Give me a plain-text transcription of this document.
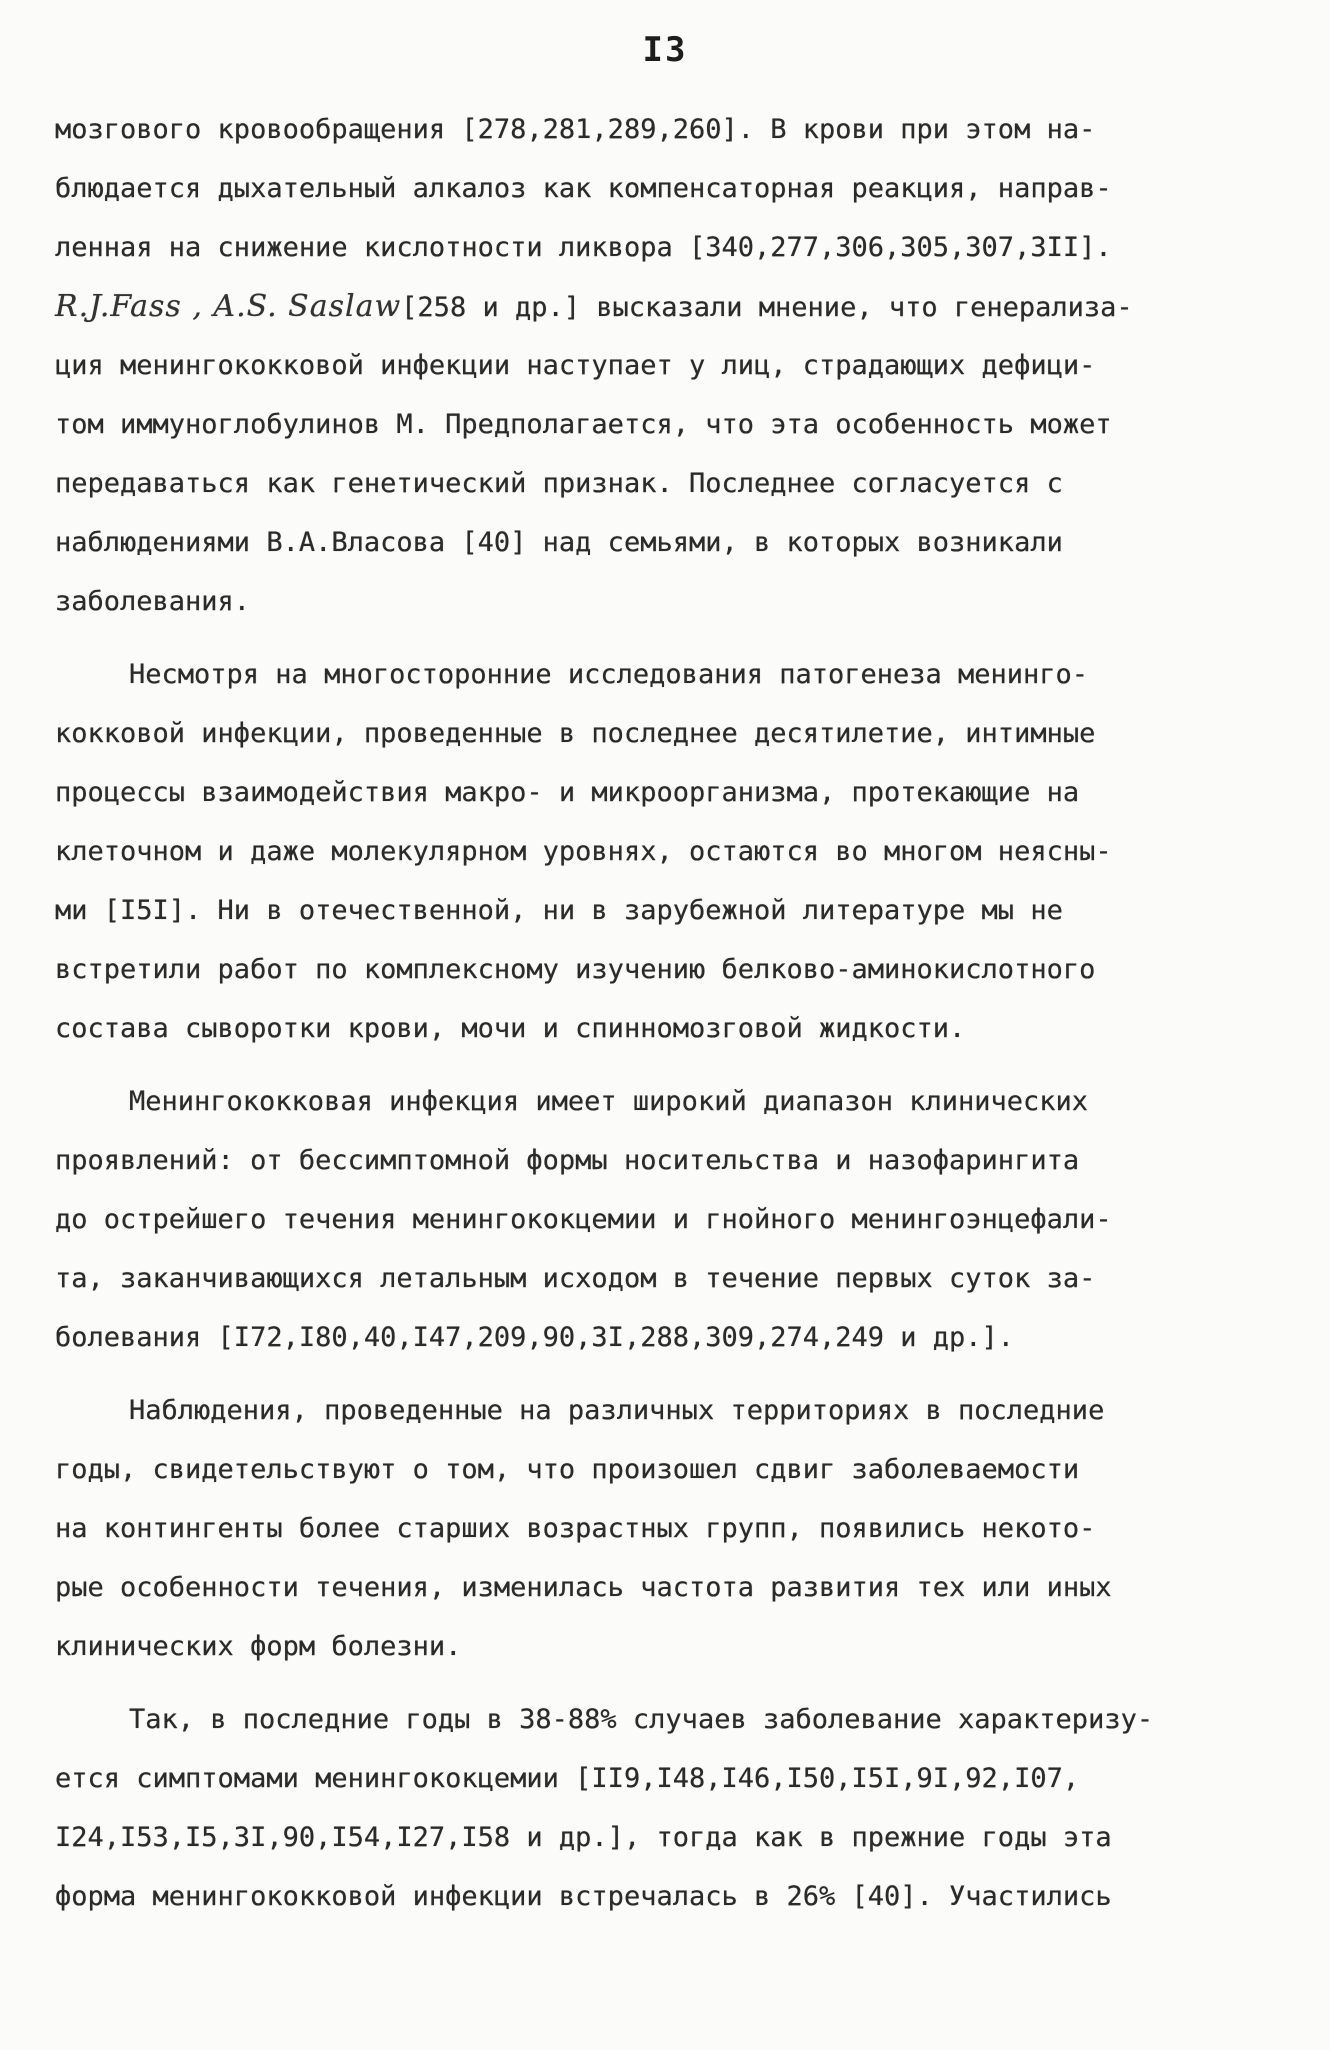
I3
мозгового кровообращения [278,281,289,260]. В крови при этом на-
блюдается дыхательный алкалоз как компенсаторная реакция, направ-
ленная на снижение кислотности ликвора [340,277,306,305,307,3II].
R.J.Fass , A.S. Saslaw[258 и др.] высказали мнение, что генерализа-
ция менингококковой инфекции наступает у лиц, страдающих дефици-
том иммуноглобулинов М. Предполагается, что эта особенность может
передаваться как генетический признак. Последнее согласуется с
наблюдениями В.А.Власова [40] над семьями, в которых возникали
заболевания.
Несмотря на многосторонние исследования патогенеза менинго-
кокковой инфекции, проведенные в последнее десятилетие, интимные
процессы взаимодействия макро- и микроорганизма, протекающие на
клеточном и даже молекулярном уровнях, остаются во многом неясны-
ми [I5I]. Ни в отечественной, ни в зарубежной литературе мы не
встретили работ по комплексному изучению белково-аминокислотного
состава сыворотки крови, мочи и спинномозговой жидкости.
Менингококковая инфекция имеет широкий диапазон клинических
проявлений: от бессимптомной формы носительства и назофарингита
до острейшего течения менингококцемии и гнойного менингоэнцефали-
та, заканчивающихся летальным исходом в течение первых суток за-
болевания [I72,I80,40,I47,209,90,3I,288,309,274,249 и др.].
Наблюдения, проведенные на различных территориях в последние
годы, свидетельствуют о том, что произошел сдвиг заболеваемости
на контингенты более старших возрастных групп, появились некото-
рые особенности течения, изменилась частота развития тех или иных
клинических форм болезни.
Так, в последние годы в 38-88% случаев заболевание характеризу-
ется симптомами менингококцемии [II9,I48,I46,I50,I5I,9I,92,I07,
I24,I53,I5,3I,90,I54,I27,I58 и др.], тогда как в прежние годы эта
форма менингококковой инфекции встречалась в 26% [40]. Участились
